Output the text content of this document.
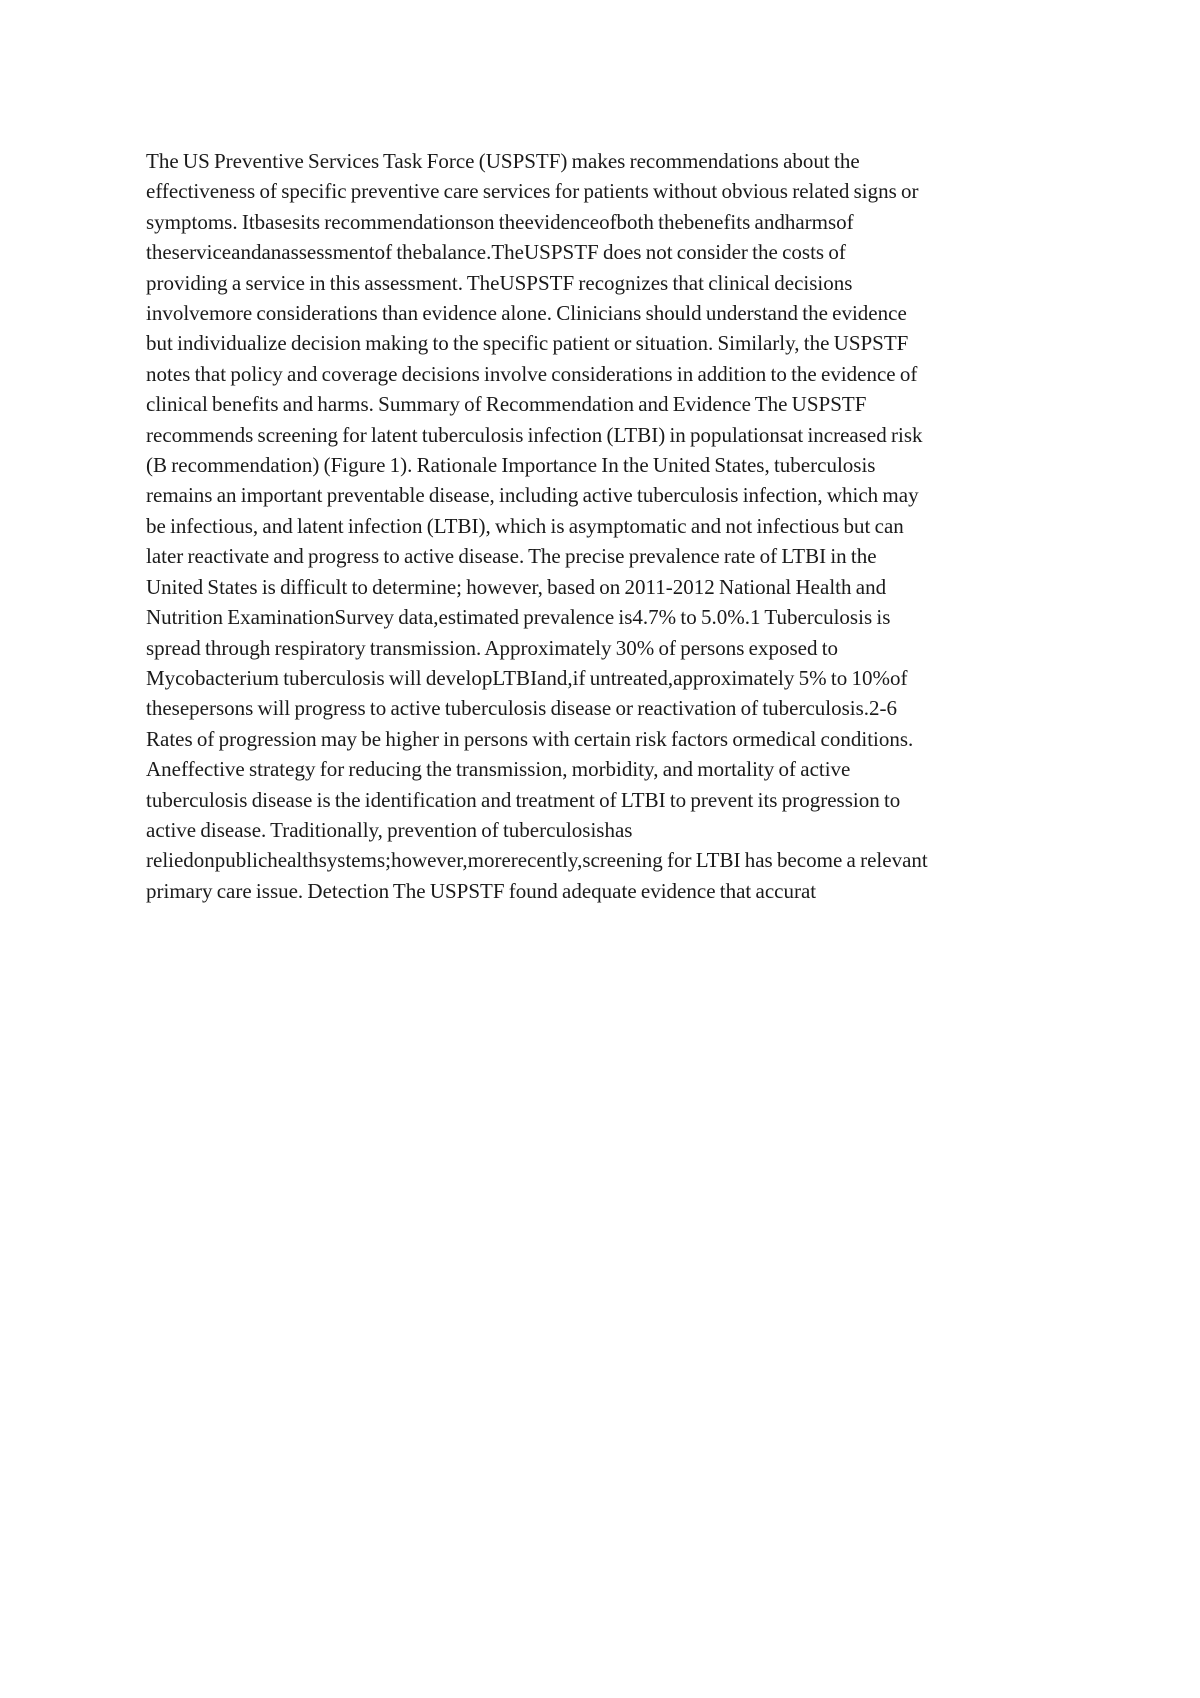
The US Preventive Services Task Force (USPSTF) makes recommendations about the
effectiveness of specific preventive care services for patients without obvious related signs or
symptoms. Itbasesits recommendationson theevidenceofboth thebenefits andharmsof
theserviceandanassessmentof thebalance.TheUSPSTF does not consider the costs of
providing a service in this assessment. TheUSPSTF recognizes that clinical decisions
involvemore considerations than evidence alone. Clinicians should understand the evidence
but individualize decision making to the specific patient or situation. Similarly, the USPSTF
notes that policy and coverage decisions involve considerations in addition to the evidence of
clinical benefits and harms. Summary of Recommendation and Evidence The USPSTF
recommends screening for latent tuberculosis infection (LTBI) in populationsat increased risk
(B recommendation) (Figure 1). Rationale Importance In the United States, tuberculosis
remains an important preventable disease, including active tuberculosis infection, which may
be infectious, and latent infection (LTBI), which is asymptomatic and not infectious but can
later reactivate and progress to active disease. The precise prevalence rate of LTBI in the
United States is difficult to determine; however, based on 2011-2012 National Health and
Nutrition ExaminationSurvey data,estimated prevalence is4.7% to 5.0%.1 Tuberculosis is
spread through respiratory transmission. Approximately 30% of persons exposed to
Mycobacterium tuberculosis will developLTBIand,if untreated,approximately 5% to 10%of
thesepersons will progress to active tuberculosis disease or reactivation of tuberculosis.2-6
Rates of progression may be higher in persons with certain risk factors ormedical conditions.
Aneffective strategy for reducing the transmission, morbidity, and mortality of active
tuberculosis disease is the identification and treatment of LTBI to prevent its progression to
active disease. Traditionally, prevention of tuberculosishas
reliedonpublichealthsystems;however,morerecently,screening for LTBI has become a relevant
primary care issue. Detection The USPSTF found adequate evidence that accurat
